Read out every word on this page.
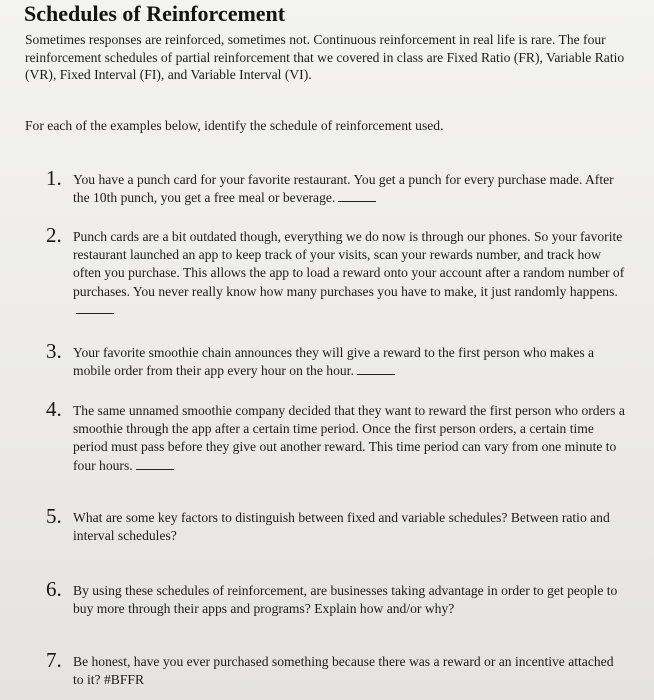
Schedules of Reinforcement
Sometimes responses are reinforced, sometimes not. Continuous reinforcement in real life is rare. The four reinforcement schedules of partial reinforcement that we covered in class are Fixed Ratio (FR), Variable Ratio (VR), Fixed Interval (FI), and Variable Interval (VI).
For each of the examples below, identify the schedule of reinforcement used.
1. You have a punch card for your favorite restaurant. You get a punch for every purchase made. After the 10th punch, you get a free meal or beverage.
2. Punch cards are a bit outdated though, everything we do now is through our phones. So your favorite restaurant launched an app to keep track of your visits, scan your rewards number, and track how often you purchase. This allows the app to load a reward onto your account after a random number of purchases. You never really know how many purchases you have to make, it just randomly happens.
3. Your favorite smoothie chain announces they will give a reward to the first person who makes a mobile order from their app every hour on the hour.
4. The same unnamed smoothie company decided that they want to reward the first person who orders a smoothie through the app after a certain time period. Once the first person orders, a certain time period must pass before they give out another reward. This time period can vary from one minute to four hours.
5. What are some key factors to distinguish between fixed and variable schedules? Between ratio and interval schedules?
6. By using these schedules of reinforcement, are businesses taking advantage in order to get people to buy more through their apps and programs? Explain how and/or why?
7. Be honest, have you ever purchased something because there was a reward or an incentive attached to it? #BFFR
